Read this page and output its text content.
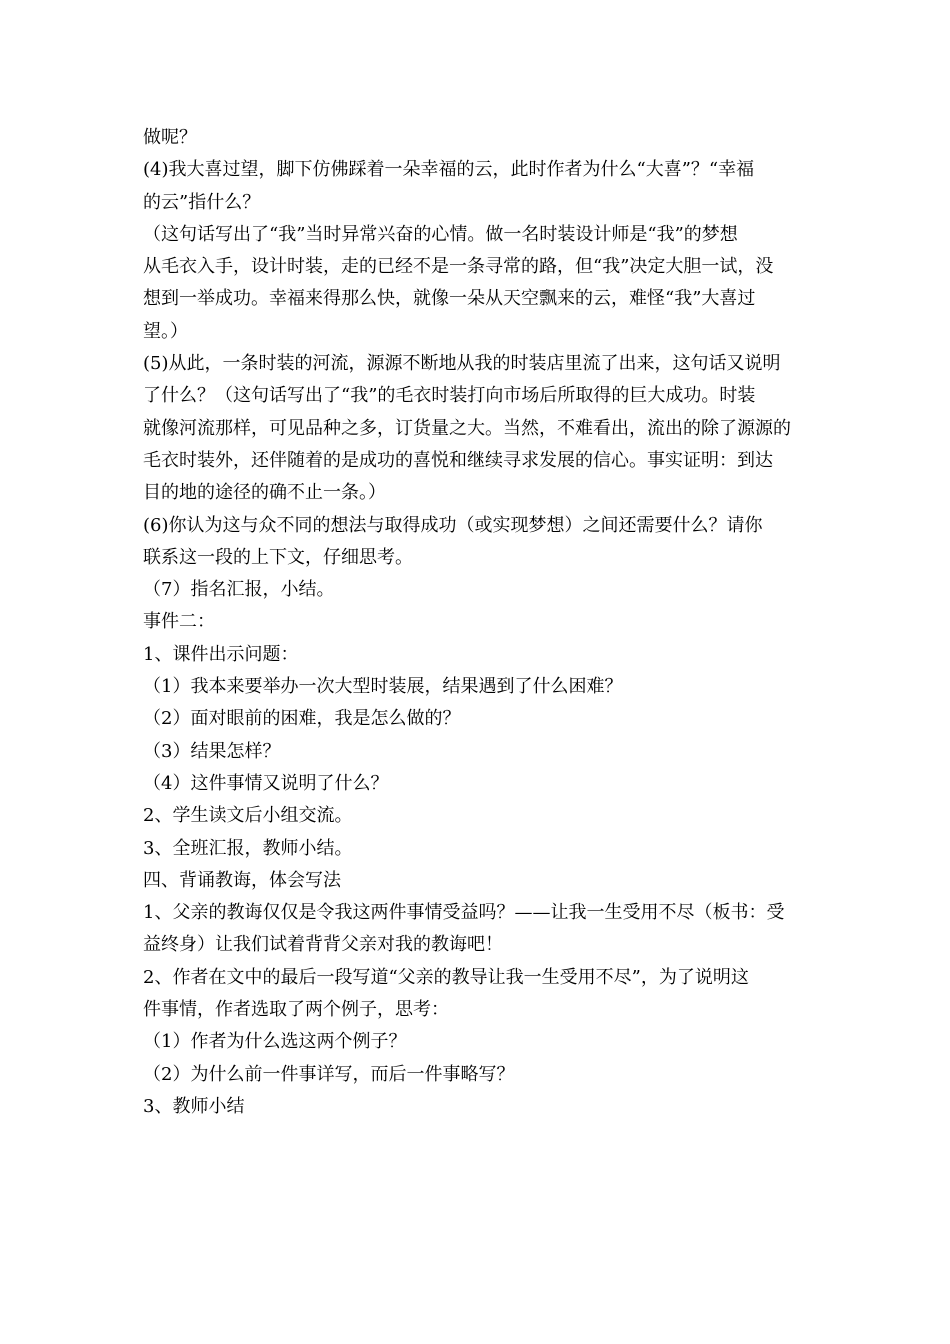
做呢？
(4)我大喜过望，脚下仿佛踩着一朵幸福的云，此时作者为什么“大喜”？“幸福
的云”指什么？
（这句话写出了“我”当时异常兴奋的心情。做一名时装设计师是“我”的梦想
从毛衣入手，设计时装，走的已经不是一条寻常的路，但“我”决定大胆一试，没
想到一举成功。幸福来得那么快，就像一朵从天空飘来的云，难怪“我”大喜过
望。）
(5)从此，一条时装的河流，源源不断地从我的时装店里流了出来，这句话又说明
了什么？（这句话写出了“我”的毛衣时装打向市场后所取得的巨大成功。时装
就像河流那样，可见品种之多，订货量之大。当然，不难看出，流出的除了源源的
毛衣时装外，还伴随着的是成功的喜悦和继续寻求发展的信心。事实证明：到达
目的地的途径的确不止一条。）
(6)你认为这与众不同的想法与取得成功（或实现梦想）之间还需要什么？请你
联系这一段的上下文，仔细思考。
（7）指名汇报，小结。
事件二：
1、课件出示问题：
（1）我本来要举办一次大型时装展，结果遇到了什么困难？
（2）面对眼前的困难，我是怎么做的？
（3）结果怎样？
（4）这件事情又说明了什么？
2、学生读文后小组交流。
3、全班汇报，教师小结。
四、背诵教诲，体会写法
1、父亲的教诲仅仅是令我这两件事情受益吗？——让我一生受用不尽（板书：受
益终身）让我们试着背背父亲对我的教诲吧！
2、作者在文中的最后一段写道“父亲的教导让我一生受用不尽”，为了说明这
件事情，作者选取了两个例子，思考：
（1）作者为什么选这两个例子？
（2）为什么前一件事详写，而后一件事略写？
3、教师小结
